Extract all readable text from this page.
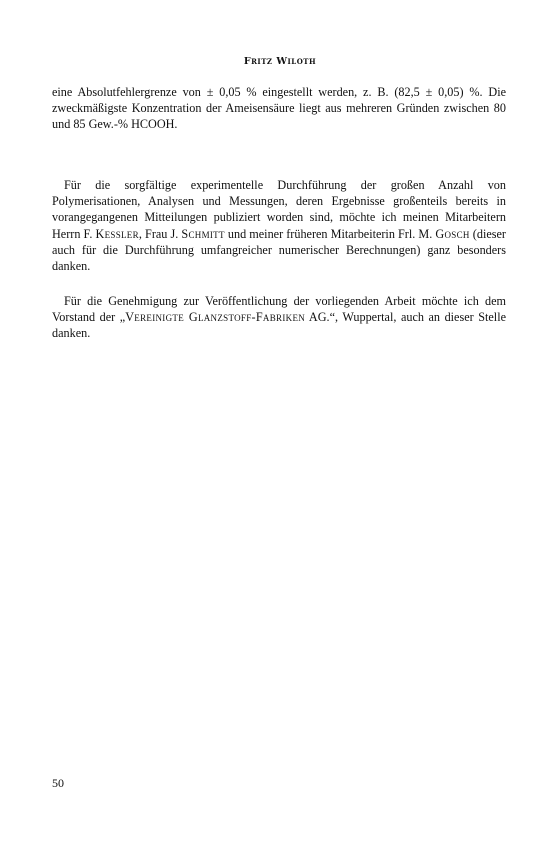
Fritz Wiloth

eine Absolutfehlergrenze von ± 0,05 % eingestellt werden, z. B. (82,5 ± 0,05) %. Die zweckmäßigste Konzentration der Ameisensäure liegt aus mehreren Gründen zwischen 80 und 85 Gew.-% HCOOH.

Für die sorgfältige experimentelle Durchführung der großen Anzahl von Polymerisationen, Analysen und Messungen, deren Ergebnisse großenteils bereits in vorangegangenen Mitteilungen publiziert worden sind, möchte ich meinen Mitarbeitern Herrn F. Kessler, Frau J. Schmitt und meiner früheren Mitarbeiterin Frl. M. Gosch (dieser auch für die Durchführung umfangreicher numerischer Berechnungen) ganz besonders danken.

Für die Genehmigung zur Veröffentlichung der vorliegenden Arbeit möchte ich dem Vorstand der „Vereinigte Glanzstoff-Fabriken AG.“, Wuppertal, auch an dieser Stelle danken.

50
